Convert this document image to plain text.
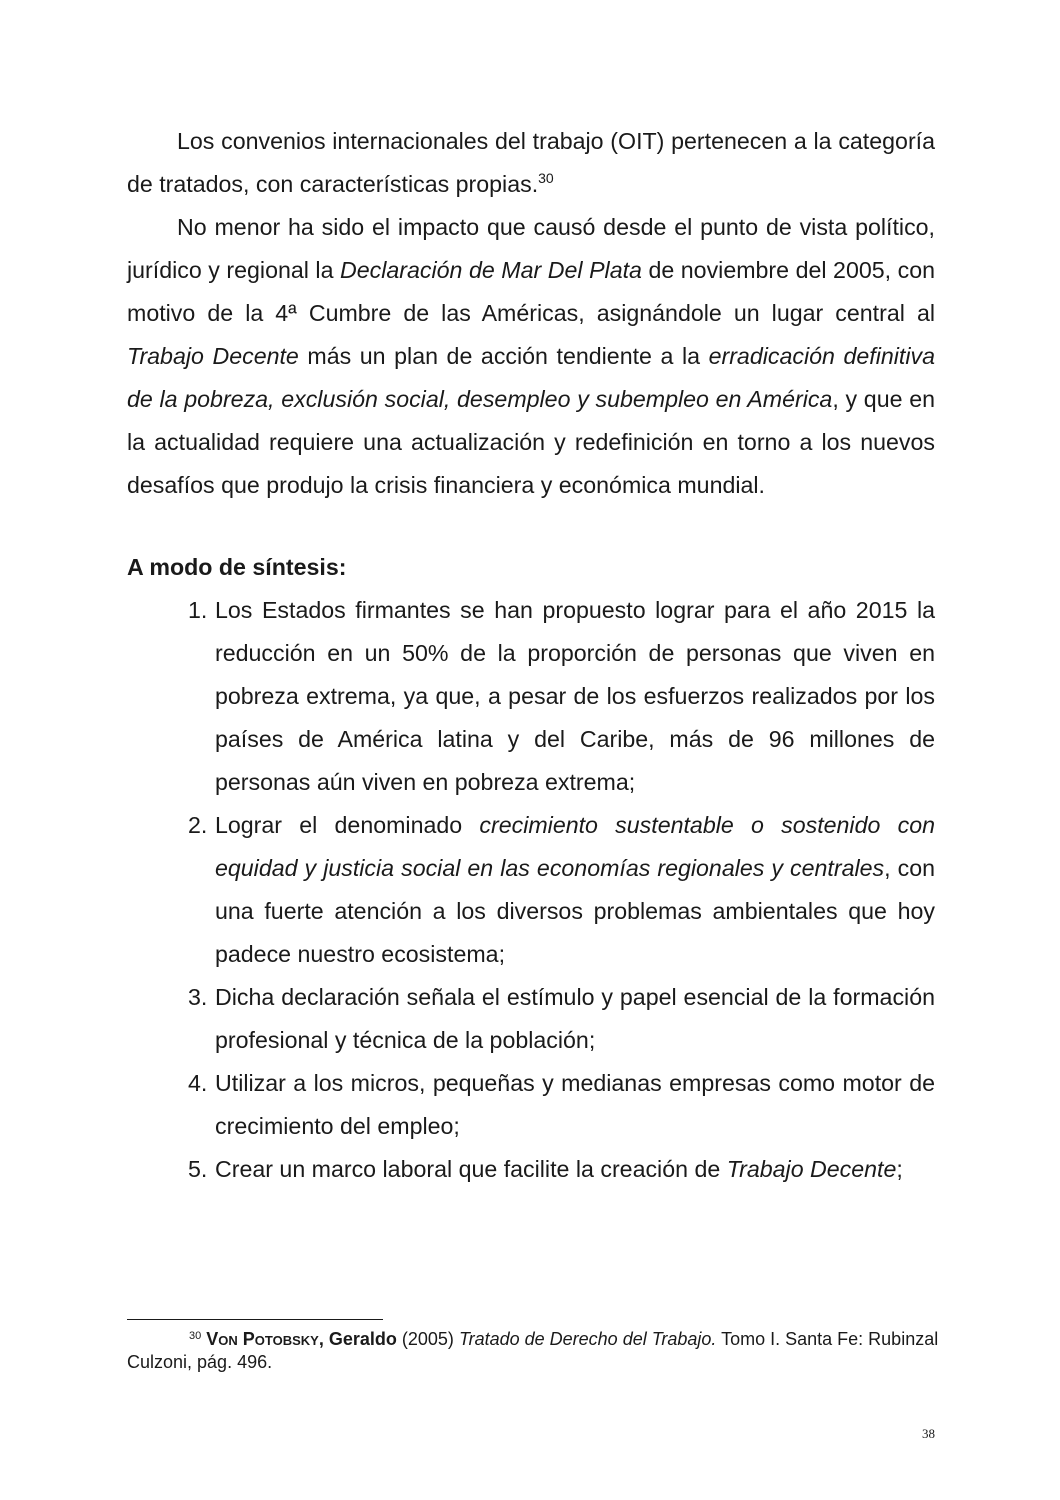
Los convenios internacionales del trabajo (OIT) pertenecen a la categoría de tratados, con características propias.$^{30}$

No menor ha sido el impacto que causó desde el punto de vista político, jurídico y regional la Declaración de Mar Del Plata de noviembre del 2005, con motivo de la 4ª Cumbre de las Américas, asignándole un lugar central al Trabajo Decente más un plan de acción tendiente a la erradicación definitiva de la pobreza, exclusión social, desempleo y subempleo en América, y que en la actualidad requiere una actualización y redefinición en torno a los nuevos desafíos que produjo la crisis financiera y económica mundial.

A modo de síntesis:
1. Los Estados firmantes se han propuesto lograr para el año 2015 la reducción en un 50% de la proporción de personas que viven en pobreza extrema, ya que, a pesar de los esfuerzos realizados por los países de América latina y del Caribe, más de 96 millones de personas aún viven en pobreza extrema;
2. Lograr el denominado crecimiento sustentable o sostenido con equidad y justicia social en las economías regionales y centrales, con una fuerte atención a los diversos problemas ambientales que hoy padece nuestro ecosistema;
3. Dicha declaración señala el estímulo y papel esencial de la formación profesional y técnica de la población;
4. Utilizar a los micros, pequeñas y medianas empresas como motor de crecimiento del empleo;
5. Crear un marco laboral que facilite la creación de Trabajo Decente;

$^{30}$ Von Potobsky, Geraldo (2005) Tratado de Derecho del Trabajo. Tomo I. Santa Fe: Rubinzal Culzoni, pág. 496.

38
